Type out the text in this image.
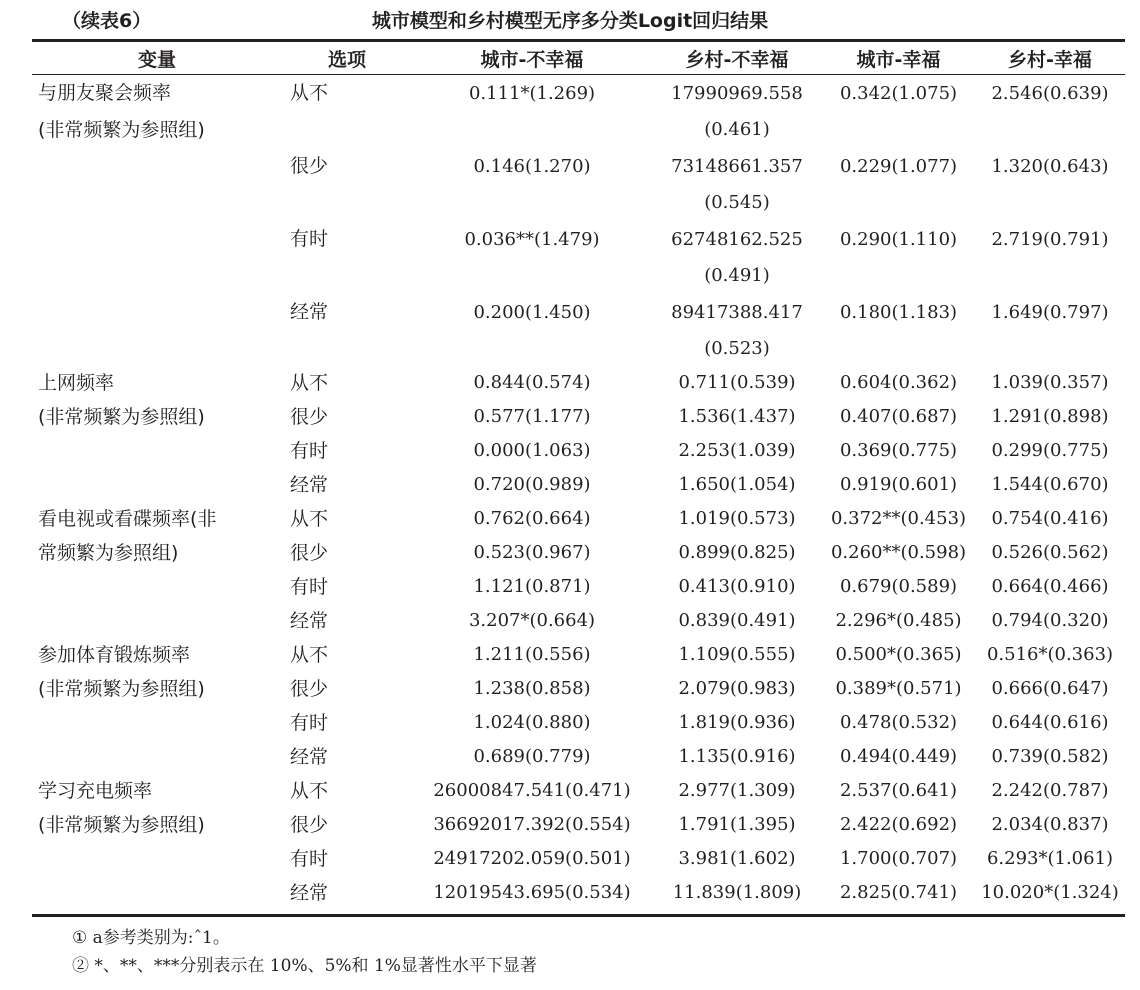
（续表6）	城市模型和乡村模型无序多分类Logit回归结果
变量	选项	城市-不幸福	乡村-不幸福	城市-幸福	乡村-幸福
与朋友聚会频率	从不	0.111*(1.269)	17990969.558	0.342(1.075)	2.546(0.639)
(非常频繁为参照组)			(0.461)		
	很少	0.146(1.270)	73148661.357	0.229(1.077)	1.320(0.643)
			(0.545)		
	有时	0.036**(1.479)	62748162.525	0.290(1.110)	2.719(0.791)
			(0.491)		
	经常	0.200(1.450)	89417388.417	0.180(1.183)	1.649(0.797)
			(0.523)		
上网频率	从不	0.844(0.574)	0.711(0.539)	0.604(0.362)	1.039(0.357)
(非常频繁为参照组)	很少	0.577(1.177)	1.536(1.437)	0.407(0.687)	1.291(0.898)
	有时	0.000(1.063)	2.253(1.039)	0.369(0.775)	0.299(0.775)
	经常	0.720(0.989)	1.650(1.054)	0.919(0.601)	1.544(0.670)
看电视或看碟频率(非	从不	0.762(0.664)	1.019(0.573)	0.372**(0.453)	0.754(0.416)
常频繁为参照组)	很少	0.523(0.967)	0.899(0.825)	0.260**(0.598)	0.526(0.562)
	有时	1.121(0.871)	0.413(0.910)	0.679(0.589)	0.664(0.466)
	经常	3.207*(0.664)	0.839(0.491)	2.296*(0.485)	0.794(0.320)
参加体育锻炼频率	从不	1.211(0.556)	1.109(0.555)	0.500*(0.365)	0.516*(0.363)
(非常频繁为参照组)	很少	1.238(0.858)	2.079(0.983)	0.389*(0.571)	0.666(0.647)
	有时	1.024(0.880)	1.819(0.936)	0.478(0.532)	0.644(0.616)
	经常	0.689(0.779)	1.135(0.916)	0.494(0.449)	0.739(0.582)
学习充电频率	从不	26000847.541(0.471)	2.977(1.309)	2.537(0.641)	2.242(0.787)
(非常频繁为参照组)	很少	36692017.392(0.554)	1.791(1.395)	2.422(0.692)	2.034(0.837)
	有时	24917202.059(0.501)	3.981(1.602)	1.700(0.707)	6.293*(1.061)
	经常	12019543.695(0.534)	11.839(1.809)	2.825(0.741)	10.020*(1.324)
① a参考类别为:ˆ1。
② *、**、***分别表示在 10%、5%和 1%显著性水平下显著
